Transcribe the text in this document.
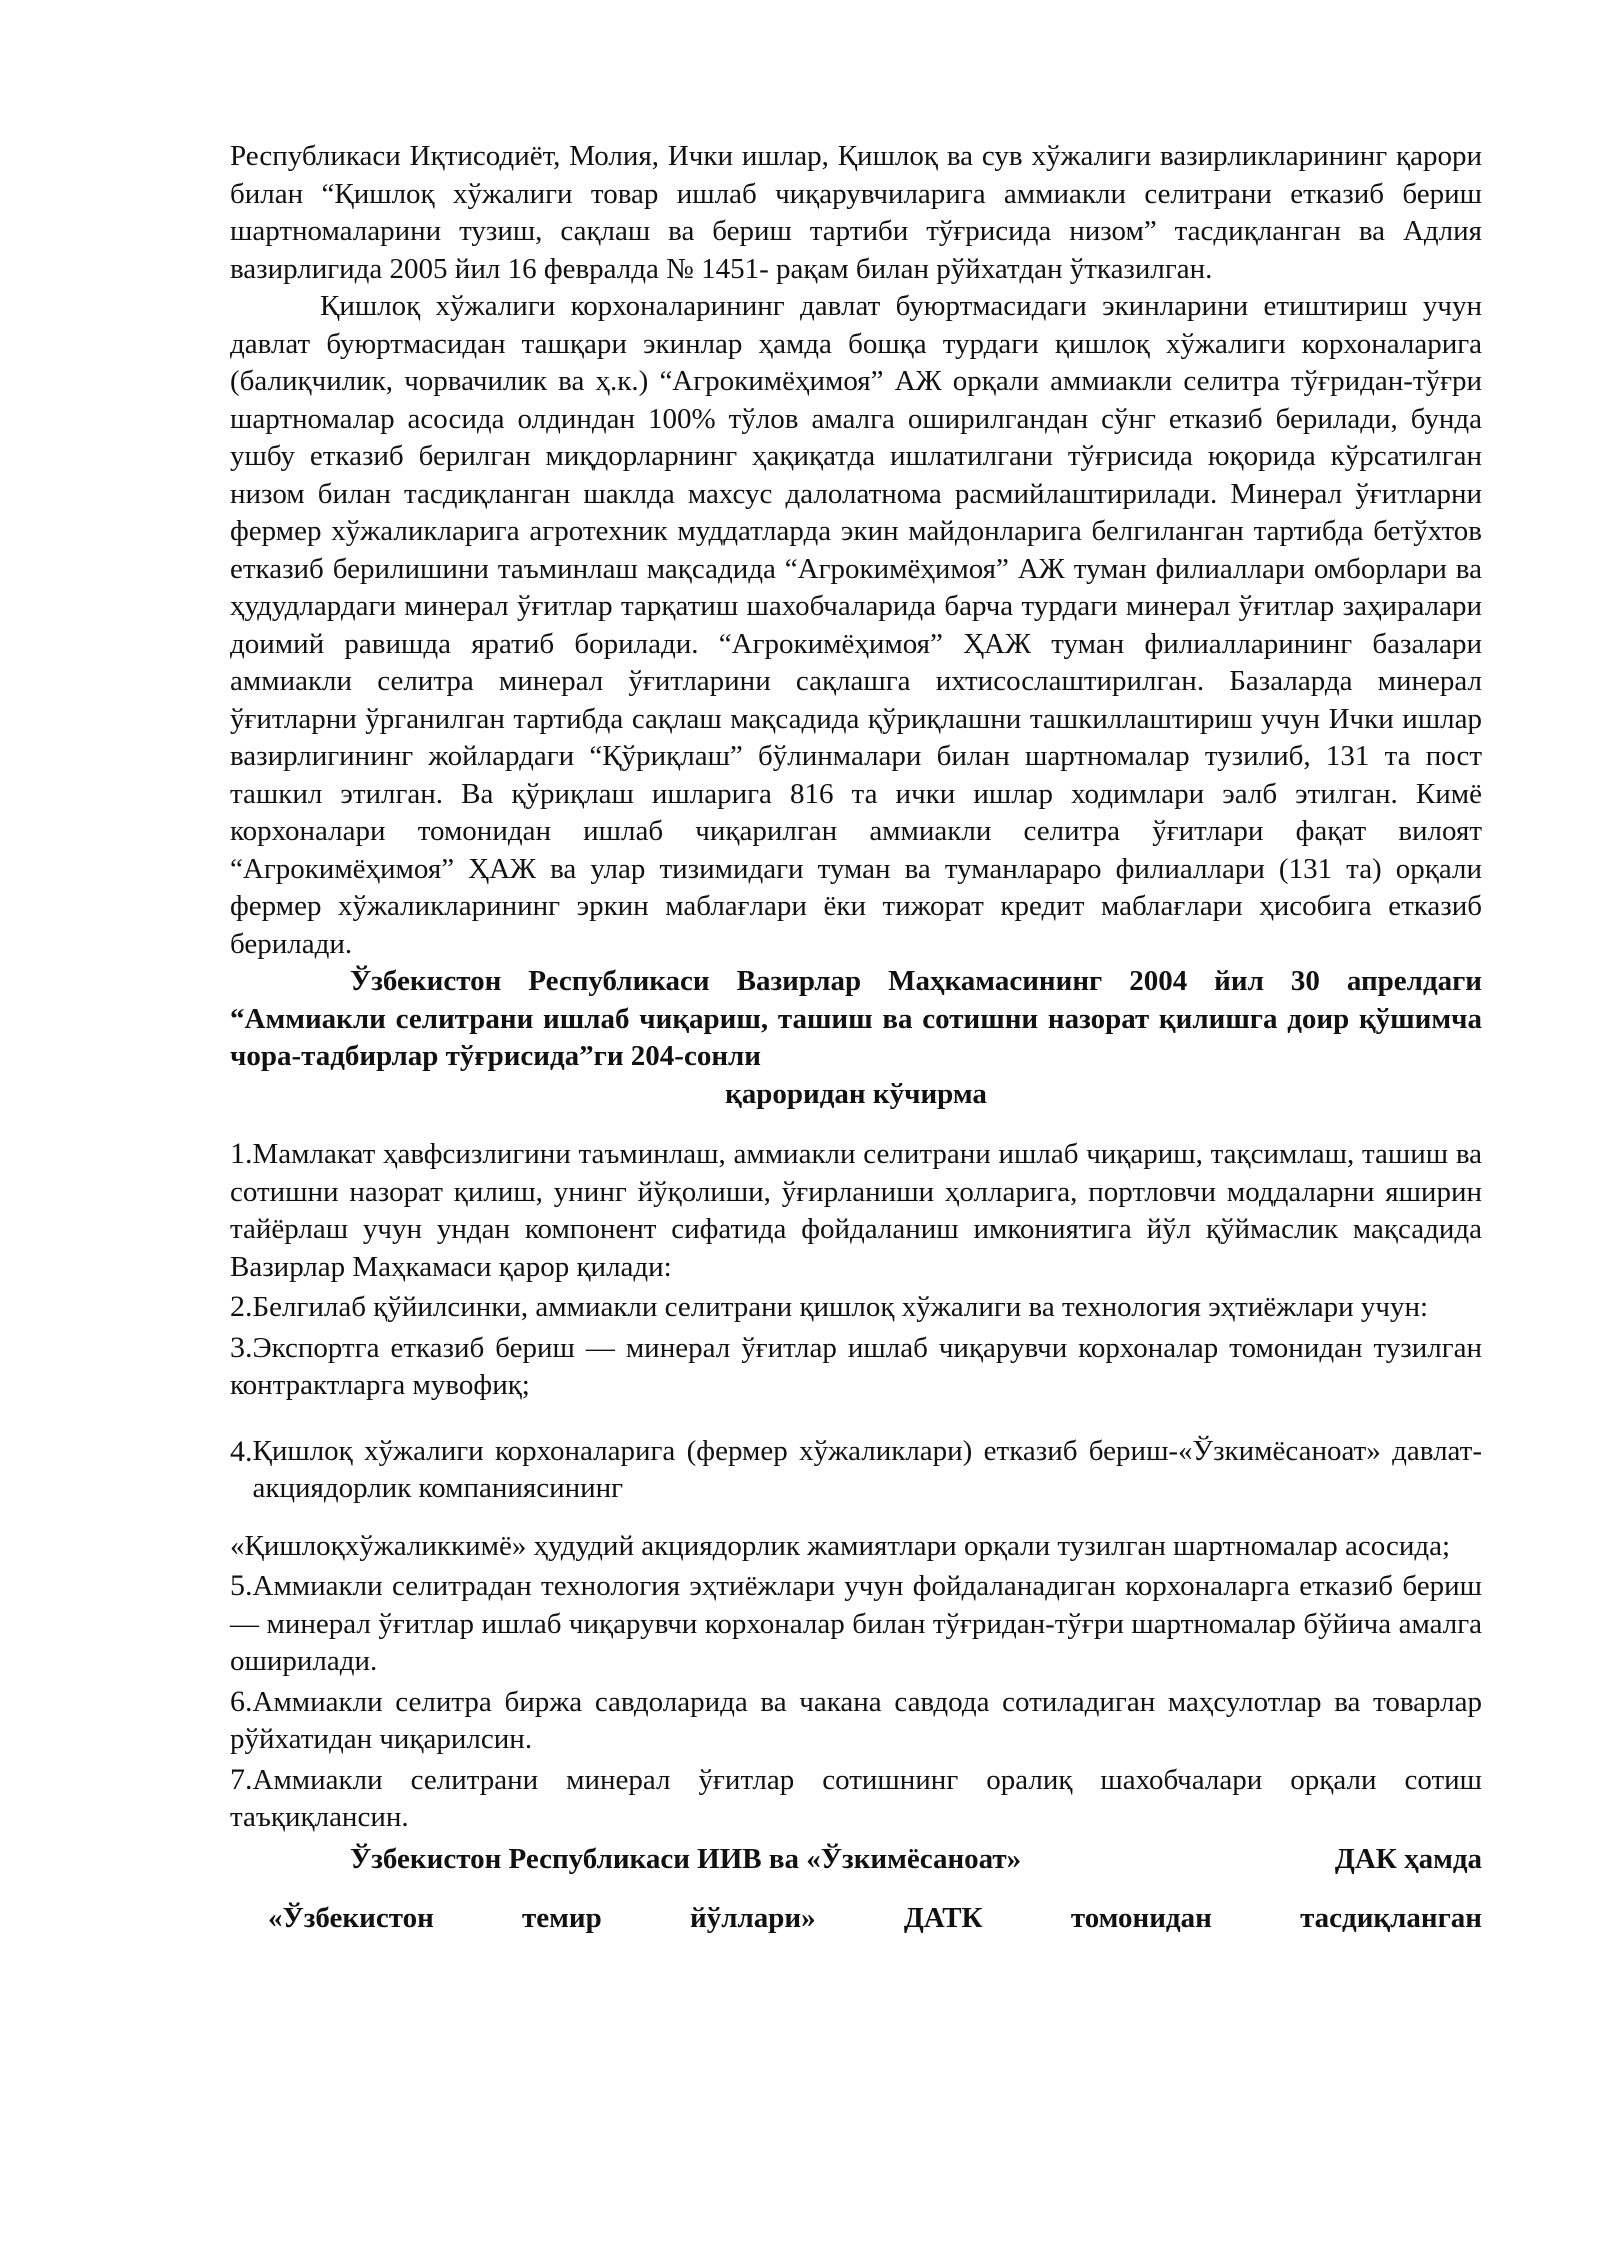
Республикаси Иқтисодиёт, Молия, Ички ишлар, Қишлоқ ва сув хўжалиги вазирликларининг қарори билан “Қишлоқ хўжалиги товар ишлаб чиқарувчиларига аммиакли селитрани етказиб бериш шартномаларини тузиш, сақлаш ва бериш тартиби тўғрисида низом” тасдиқланган ва Адлия вазирлигида 2005 йил 16 февралда № 1451- рақам билан рўйхатдан ўтказилган.

Қишлоқ хўжалиги корхоналарининг давлат буюртмасидаги экинларини етиштириш учун давлат буюртмасидан ташқари экинлар ҳамда бошқа турдаги қишлоқ хўжалиги корхоналарига (балиқчилик, чорвачилик ва ҳ.к.) “Агрокимёҳимоя” АЖ орқали аммиакли селитра тўғридан-тўғри шартномалар асосида олдиндан 100% тўлов амалга оширилгандан сўнг етказиб берилади, бунда ушбу етказиб берилган миқдорларнинг ҳақиқатда ишлатилгани тўғрисида юқорида кўрсатилган низом билан тасдиқланган шаклда махсус далолатнома расмийлаштирилади. Минерал ўғитларни фермер хўжаликларига агротехник муддатларда экин майдонларига белгиланган тартибда бетўхтов етказиб берилишини таъминлаш мақсадида “Агрокимёҳимоя” АЖ туман филиаллари омборлари ва ҳудудлардаги минерал ўғитлар тарқатиш шахобчаларида барча турдаги минерал ўғитлар заҳиралари доимий равишда яратиб борилади. “Агрокимёҳимоя” ҲАЖ туман филиалларининг базалари аммиакли селитра минерал ўғитларини сақлашга ихтисослаштирилган. Базаларда минерал ўғитларни ўрганилган тартибда сақлаш мақсадида қўриқлашни ташкиллаштириш учун Ички ишлар вазирлигининг жойлардаги “Қўриқлаш” бўлинмалари билан шартномалар тузилиб, 131 та пост ташкил этилган. Ва қўриқлаш ишларига 816 та ички ишлар ходимлари эалб этилган. Кимё корхоналари томонидан ишлаб чиқарилган аммиакли селитра ўғитлари фақат вилоят “Агрокимёҳимоя” ҲАЖ ва улар тизимидаги туман ва туманлараро филиаллари (131 та) орқали фермер хўжаликларининг эркин маблағлари ёки тижорат кредит маблағлари ҳисобига етказиб берилади.

Ўзбекистон Республикаси Вазирлар Маҳкамасининг 2004 йил 30 апрелдаги “Аммиакли селитрани ишлаб чиқариш, ташиш ва сотишни назорат қилишга доир қўшимча чора-тадбирлар тўғрисида”ги 204-сонли

қароридан кўчирма

1.Мамлакат ҳавфсизлигини таъминлаш, аммиакли селитрани ишлаб чиқариш, тақсимлаш, ташиш ва сотишни назорат қилиш, унинг йўқолиши, ўғирланиши ҳолларига, портловчи моддаларни яширин тайёрлаш учун ундан компонент сифатида фойдаланиш имкониятига йўл қўймаслик мақсадида Вазирлар Маҳкамаси қарор қилади:

2.Белгилаб қўйилсинки, аммиакли селитрани қишлоқ хўжалиги ва технология эҳтиёжлари учун:

3.Экспортга етказиб бериш — минерал ўғитлар ишлаб чиқарувчи корхоналар томонидан тузилган контрактларга мувофиқ;

4. Қишлоқ хўжалиги корхоналарига (фермер хўжаликлари) етказиб бериш-«Ўзкимёсаноат» давлат-акциядорлик компаниясининг

«Қишлоқхўжаликкимё» ҳудудий акциядорлик жамиятлари орқали тузилган шартномалар асосида;

5.Аммиакли селитрадан технология эҳтиёжлари учун фойдаланадиган корхоналарга етказиб бериш — минерал ўғитлар ишлаб чиқарувчи корхоналар билан тўғридан-тўғри шартномалар бўйича амалга оширилади.

6.Аммиакли селитра биржа савдоларида ва чакана савдода сотиладиган маҳсулотлар ва товарлар рўйхатидан чиқарилсин.

7.Аммиакли селитрани минерал ўғитлар сотишнинг оралиқ шахобчалари орқали сотиш таъқиқлансин.

Ўзбекистон Республикаси ИИВ ва «Ўзкимёсаноат»	ДАК ҳамда
«Ўзбекистон	темир	йўллари»	ДАТК	томонидан	тасдиқланган
